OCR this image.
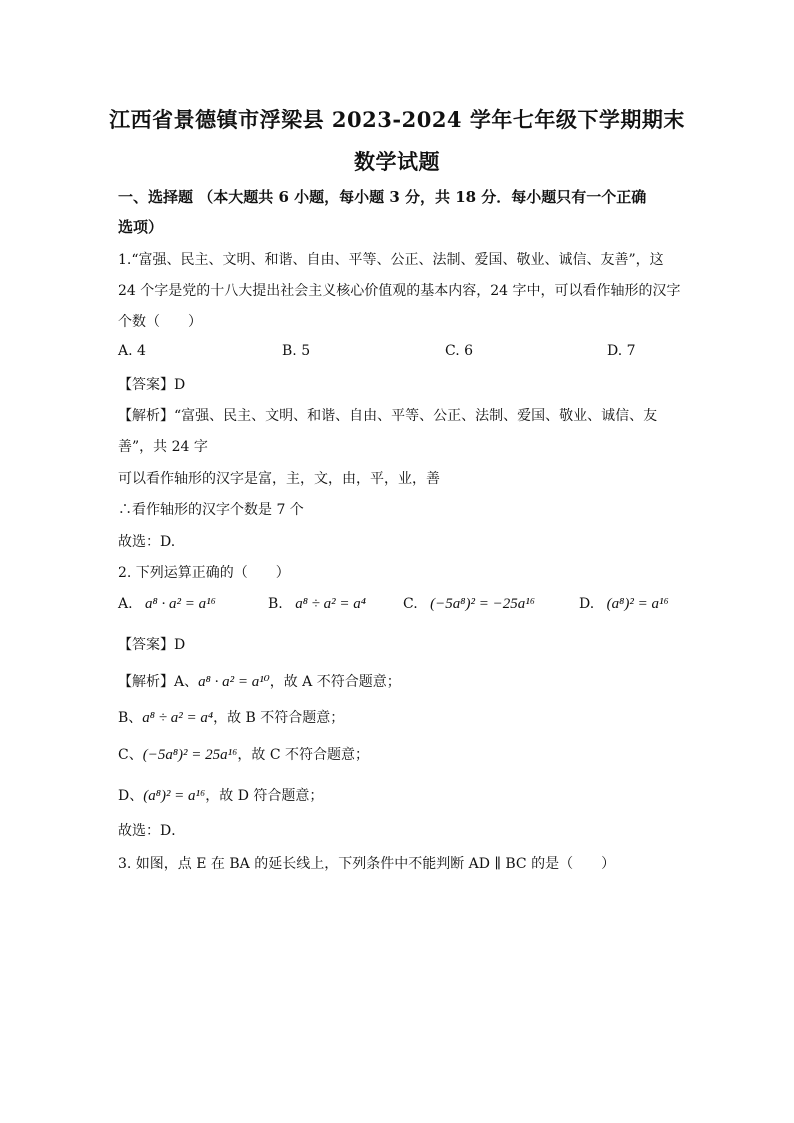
江西省景德镇市浮梁县 2023-2024 学年七年级下学期期末
数学试题
一、选择题 （本大题共 6 小题，每小题 3 分，共 18 分．每小题只有一个正确
选项）
1.“富强、民主、文明、和谐、自由、平等、公正、法制、爱国、敬业、诚信、友善”，这
24 个字是党的十八大提出社会主义核心价值观的基本内容，24 字中，可以看作轴形的汉字
个数（　　）
A. 4	B. 5	C. 6	D. 7
【答案】D
【解析】“富强、民主、文明、和谐、自由、平等、公正、法制、爱国、敬业、诚信、友
善”，共 24 字
可以看作轴形的汉字是富，主，文，由，平，业，善
∴看作轴形的汉字个数是 7 个
故选：D.
2. 下列运算正确的（　　）
A. a⁸ · a² = a¹⁶	B. a⁸ ÷ a² = a⁴	C. (−5a⁸)² = −25a¹⁶	D. (a⁸)² = a¹⁶
【答案】D
【解析】A、a⁸ · a² = a¹⁰，故 A 不符合题意；
B、a⁸ ÷ a² = a⁴，故 B 不符合题意；
C、(−5a⁸)² = 25a¹⁶，故 C 不符合题意；
D、(a⁸)² = a¹⁶，故 D 符合题意；
故选：D．
3. 如图，点 E 在 BA 的延长线上，下列条件中不能判断 AD ∥ BC 的是（　　）
